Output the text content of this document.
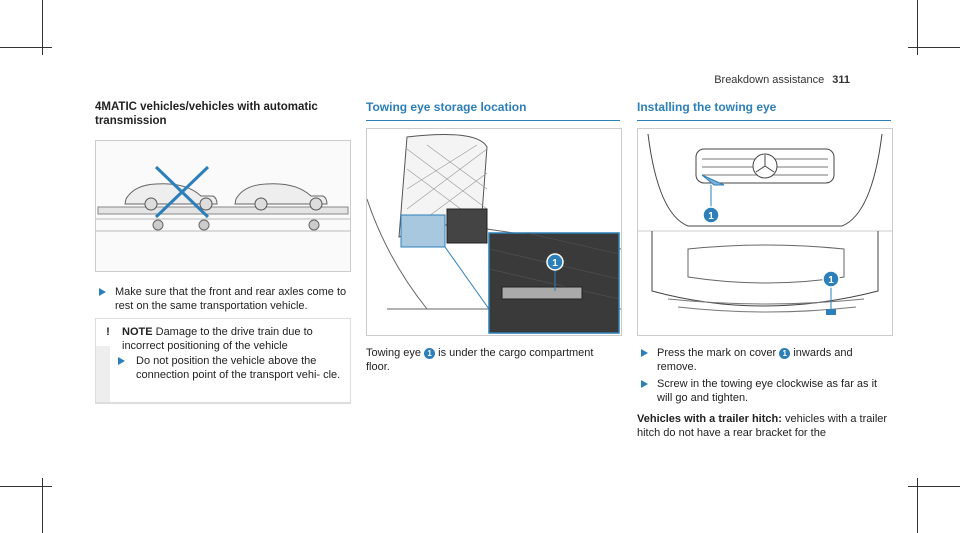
Breakdown assistance 311

4MATIC vehicles/vehicles with automatic transmission

Make sure that the front and rear axles come to rest on the same transportation vehicle.
!	NOTE Damage to the drive train due to incorrect positioning of the vehicle
Do not position the vehicle above the connection point of the transport vehi- cle.

Towing eye storage location

1
Towing eye 1 is under the cargo compartment floor.

Installing the towing eye

1
1
Press the mark on cover 1 inwards and remove.
Screw in the towing eye clockwise as far as it will go and tighten.
Vehicles with a trailer hitch: vehicles with a trailer hitch do not have a rear bracket for the
